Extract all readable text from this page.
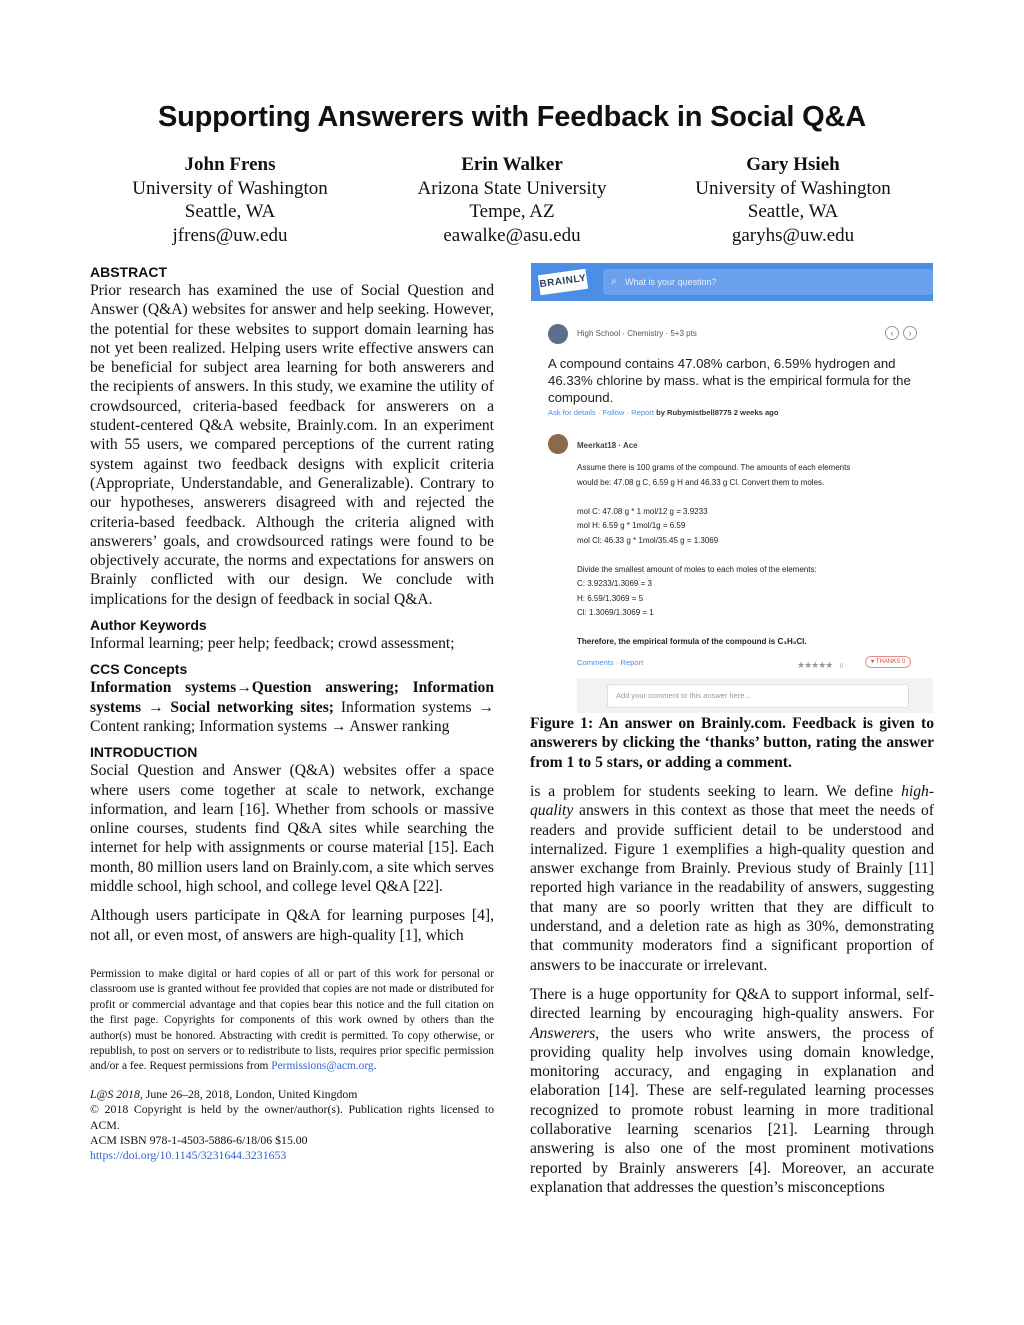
Supporting Answerers with Feedback in Social Q&A
John Frens
University of Washington
Seattle, WA
jfrens@uw.edu
Erin Walker
Arizona State University
Tempe, AZ
eawalke@asu.edu
Gary Hsieh
University of Washington
Seattle, WA
garyhs@uw.edu
ABSTRACT

Prior research has examined the use of Social Question and Answer (Q&A) websites for answer and help seeking. However, the potential for these websites to support domain learning has not yet been realized. Helping users write effective answers can be beneficial for subject area learning for both answerers and the recipients of answers. In this study, we examine the utility of crowdsourced, criteria-based feedback for answerers on a student-centered Q&A website, Brainly.com. In an experiment with 55 users, we compared perceptions of the current rating system against two feedback designs with explicit criteria (Appropriate, Understandable, and Generalizable). Contrary to our hypotheses, answerers disagreed with and rejected the criteria-based feedback. Although the criteria aligned with answerers’ goals, and crowdsourced ratings were found to be objectively accurate, the norms and expectations for answers on Brainly conflicted with our design. We conclude with implications for the design of feedback in social Q&A.

Author Keywords

Informal learning; peer help; feedback; crowd assessment;

CCS Concepts

Information systems→Question answering; Information systems → Social networking sites; Information systems → Content ranking; Information systems → Answer ranking

INTRODUCTION

Social Question and Answer (Q&A) websites offer a space where users come together at scale to network, exchange information, and learn [16]. Whether from schools or massive online courses, students find Q&A sites while searching the internet for help with assignments or course material [15]. Each month, 80 million users land on Brainly.com, a site which serves middle school, high school, and college level Q&A [22].

Although users participate in Q&A for learning purposes [4], not all, or even most, of answers are high-quality [1], which

Permission to make digital or hard copies of all or part of this work for personal or classroom use is granted without fee provided that copies are not made or distributed for profit or commercial advantage and that copies bear this notice and the full citation on the first page. Copyrights for components of this work owned by others than the author(s) must be honored. Abstracting with credit is permitted. To copy otherwise, or republish, to post on servers or to redistribute to lists, requires prior specific permission and/or a fee. Request permissions from Permissions@acm.org.

L@S 2018, June 26–28, 2018, London, United Kingdom
© 2018 Copyright is held by the owner/author(s). Publication rights licensed to ACM.
ACM ISBN 978-1-4503-5886-6/18/06 $15.00
https://doi.org/10.1145/3231644.3231653
BRAINLY ⌕ What is your question?
High School · Chemistry · 5+3 pts	‹	›
A compound contains 47.08% carbon, 6.59% hydrogen and 46.33% chlorine by mass. what is the empirical formula for the compound.
Ask for details · Follow · Report by Rubymistbell8775 2 weeks ago
Meerkat18 · Ace
Assume there is 100 grams of the compound. The amounts of each elements
would be: 47.08 g C, 6.59 g H and 46.33 g Cl. Convert them to moles.
mol C: 47.08 g * 1 mol/12 g = 3.9233
mol H: 6.59 g * 1mol/1g = 6.59
mol Cl: 46.33 g * 1mol/35.45 g = 1.3069
Divide the smallest amount of moles to each moles of the elements:
C: 3.9233/1.3069 = 3
H: 6.59/1.3069 = 5
Cl: 1.3069/1.3069 = 1
Therefore, the empirical formula of the compound is C₃H₅Cl.
Comments · Report	★★★★★ 0
♥ THANKS 0
Add your comment to this answer here...
Figure 1: An answer on Brainly.com. Feedback is given to answerers by clicking the ‘thanks’ button, rating the answer from 1 to 5 stars, or adding a comment.

is a problem for students seeking to learn. We define high-quality answers in this context as those that meet the needs of readers and provide sufficient detail to be understood and internalized. Figure 1 exemplifies a high-quality question and answer exchange from Brainly. Previous study of Brainly [11] reported high variance in the readability of answers, suggesting that many are so poorly written that they are difficult to understand, and a deletion rate as high as 30%, demonstrating that community moderators find a significant proportion of answers to be inaccurate or irrelevant.

There is a huge opportunity for Q&A to support informal, self-directed learning by encouraging high-quality answers. For Answerers, the users who write answers, the process of providing quality help involves using domain knowledge, monitoring accuracy, and engaging in explanation and elaboration [14]. These are self-regulated learning processes recognized to promote robust learning in more traditional collaborative learning scenarios [21]. Learning through answering is also one of the most prominent motivations reported by Brainly answerers [4]. Moreover, an accurate explanation that addresses the question’s misconceptions
